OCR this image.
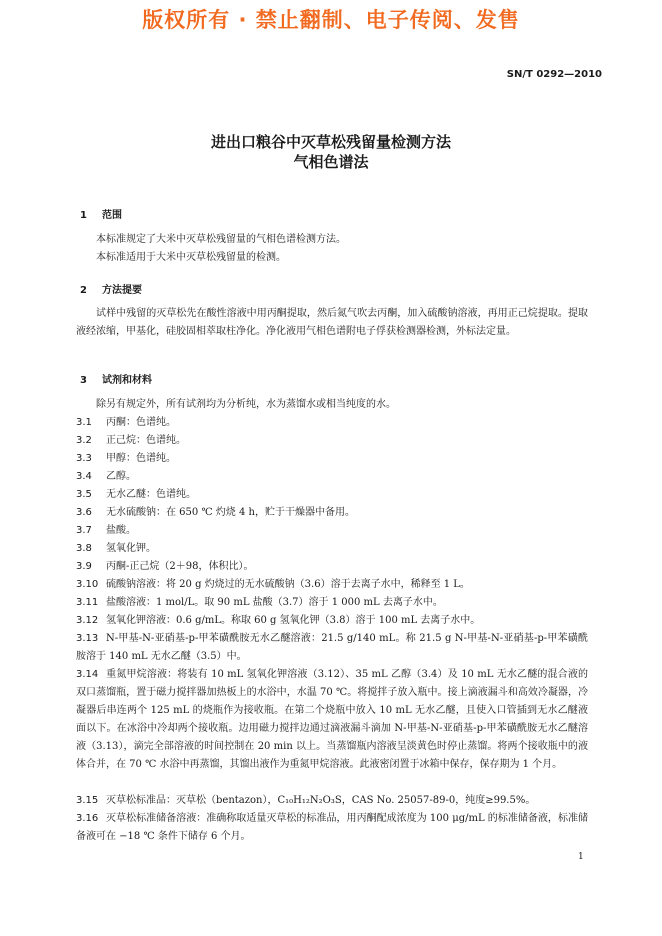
版权所有 · 禁止翻制、电子传阅、发售
SN/T 0292—2010
进出口粮谷中灭草松残留量检测方法
气相色谱法
1 范围
本标准规定了大米中灭草松残留量的气相色谱检测方法。
本标准适用于大米中灭草松残留量的检测。
2 方法提要
试样中残留的灭草松先在酸性溶液中用丙酮提取，然后氮气吹去丙酮，加入硫酸钠溶液，再用正己烷提取。提取液经浓缩，甲基化，硅胶固相萃取柱净化。净化液用气相色谱附电子俘获检测器检测，外标法定量。
3 试剂和材料
除另有规定外，所有试剂均为分析纯，水为蒸馏水或相当纯度的水。
3.1 丙酮：色谱纯。
3.2 正己烷：色谱纯。
3.3 甲醇：色谱纯。
3.4 乙醇。
3.5 无水乙醚：色谱纯。
3.6 无水硫酸钠：在 650 ℃ 灼烧 4 h，贮于干燥器中备用。
3.7 盐酸。
3.8 氢氧化钾。
3.9 丙酮-正己烷（2＋98，体积比）。
3.10 硫酸钠溶液：将 20 g 灼烧过的无水硫酸钠（3.6）溶于去离子水中，稀释至 1 L。
3.11 盐酸溶液：1 mol/L。取 90 mL 盐酸（3.7）溶于 1 000 mL 去离子水中。
3.12 氢氧化钾溶液：0.6 g/mL。称取 60 g 氢氧化钾（3.8）溶于 100 mL 去离子水中。
3.13 N-甲基-N-亚硝基-p-甲苯磺酰胺无水乙醚溶液：21.5 g/140 mL。称 21.5 g N-甲基-N-亚硝基-p-甲苯磺酰胺溶于 140 mL 无水乙醚（3.5）中。
3.14 重氮甲烷溶液：将装有 10 mL 氢氧化钾溶液（3.12）、35 mL 乙醇（3.4）及 10 mL 无水乙醚的混合液的双口蒸馏瓶，置于磁力搅拌器加热板上的水浴中，水温 70 ℃。将搅拌子放入瓶中。接上滴液漏斗和高效冷凝器，冷凝器后串连两个 125 mL 的烧瓶作为接收瓶。在第二个烧瓶中放入 10 mL 无水乙醚，且使入口管插到无水乙醚液面以下。在冰浴中冷却两个接收瓶。边用磁力搅拌边通过滴液漏斗滴加 N-甲基-N-亚硝基-p-甲苯磺酰胺无水乙醚溶液（3.13），滴完全部溶液的时间控制在 20 min 以上。当蒸馏瓶内溶液呈淡黄色时停止蒸馏。将两个接收瓶中的液体合并，在 70 ℃ 水浴中再蒸馏，其馏出液作为重氮甲烷溶液。此液密闭置于冰箱中保存，保存期为 1 个月。
3.15 灭草松标准品：灭草松（bentazon），C₁₀H₁₂N₂O₃S，CAS No. 25057-89-0，纯度≥99.5%。
3.16 灭草松标准储备溶液：准确称取适量灭草松的标准品，用丙酮配成浓度为 100 μg/mL 的标准储备液，标准储备液可在 −18 ℃ 条件下储存 6 个月。
1
